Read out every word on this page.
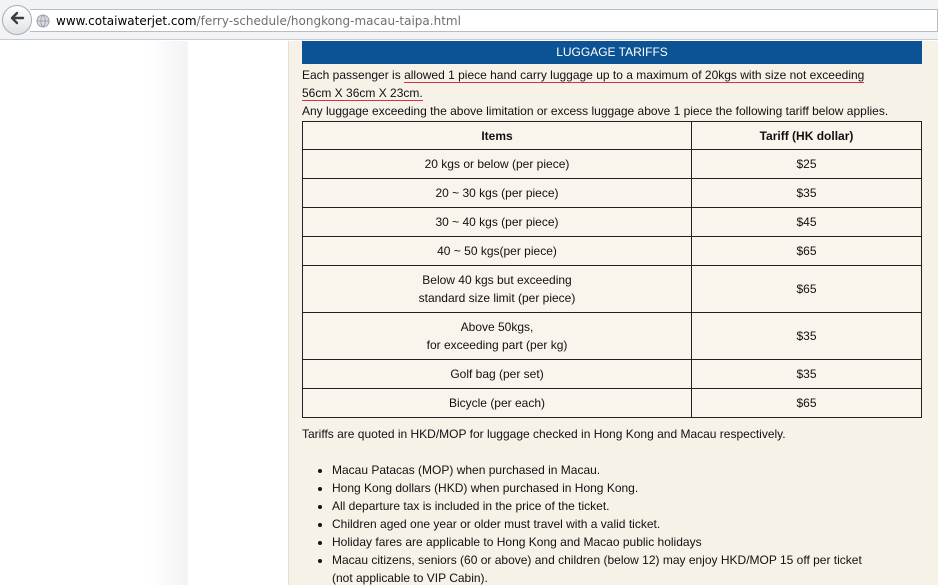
www.cotaiwaterjet.com /ferry-schedule/hongkong-macau-taipa.html
LUGGAGE TARIFFS
Each passenger is allowed 1 piece hand carry luggage up to a maximum of 20kgs with size not exceeding
56cm X 36cm X 23cm.
Any luggage exceeding the above limitation or excess luggage above 1 piece the following tariff below applies.
Items	Tariff (HK dollar)
20 kgs or below (per piece)	$25
20 ~ 30 kgs (per piece)	$35
30 ~ 40 kgs (per piece)	$45
40 ~ 50 kgs(per piece)	$65
Below 40 kgs but exceeding
standard size limit (per piece)	$65
Above 50kgs,
for exceeding part (per kg)	$35
Golf bag (per set)	$35
Bicycle (per each)	$65
Tariffs are quoted in HKD/MOP for luggage checked in Hong Kong and Macau respectively.
• Macau Patacas (MOP) when purchased in Macau.
• Hong Kong dollars (HKD) when purchased in Hong Kong.
• All departure tax is included in the price of the ticket.
• Children aged one year or older must travel with a valid ticket.
• Holiday fares are applicable to Hong Kong and Macao public holidays
• Macau citizens, seniors (60 or above) and children (below 12) may enjoy HKD/MOP 15 off per ticket
(not applicable to VIP Cabin).
